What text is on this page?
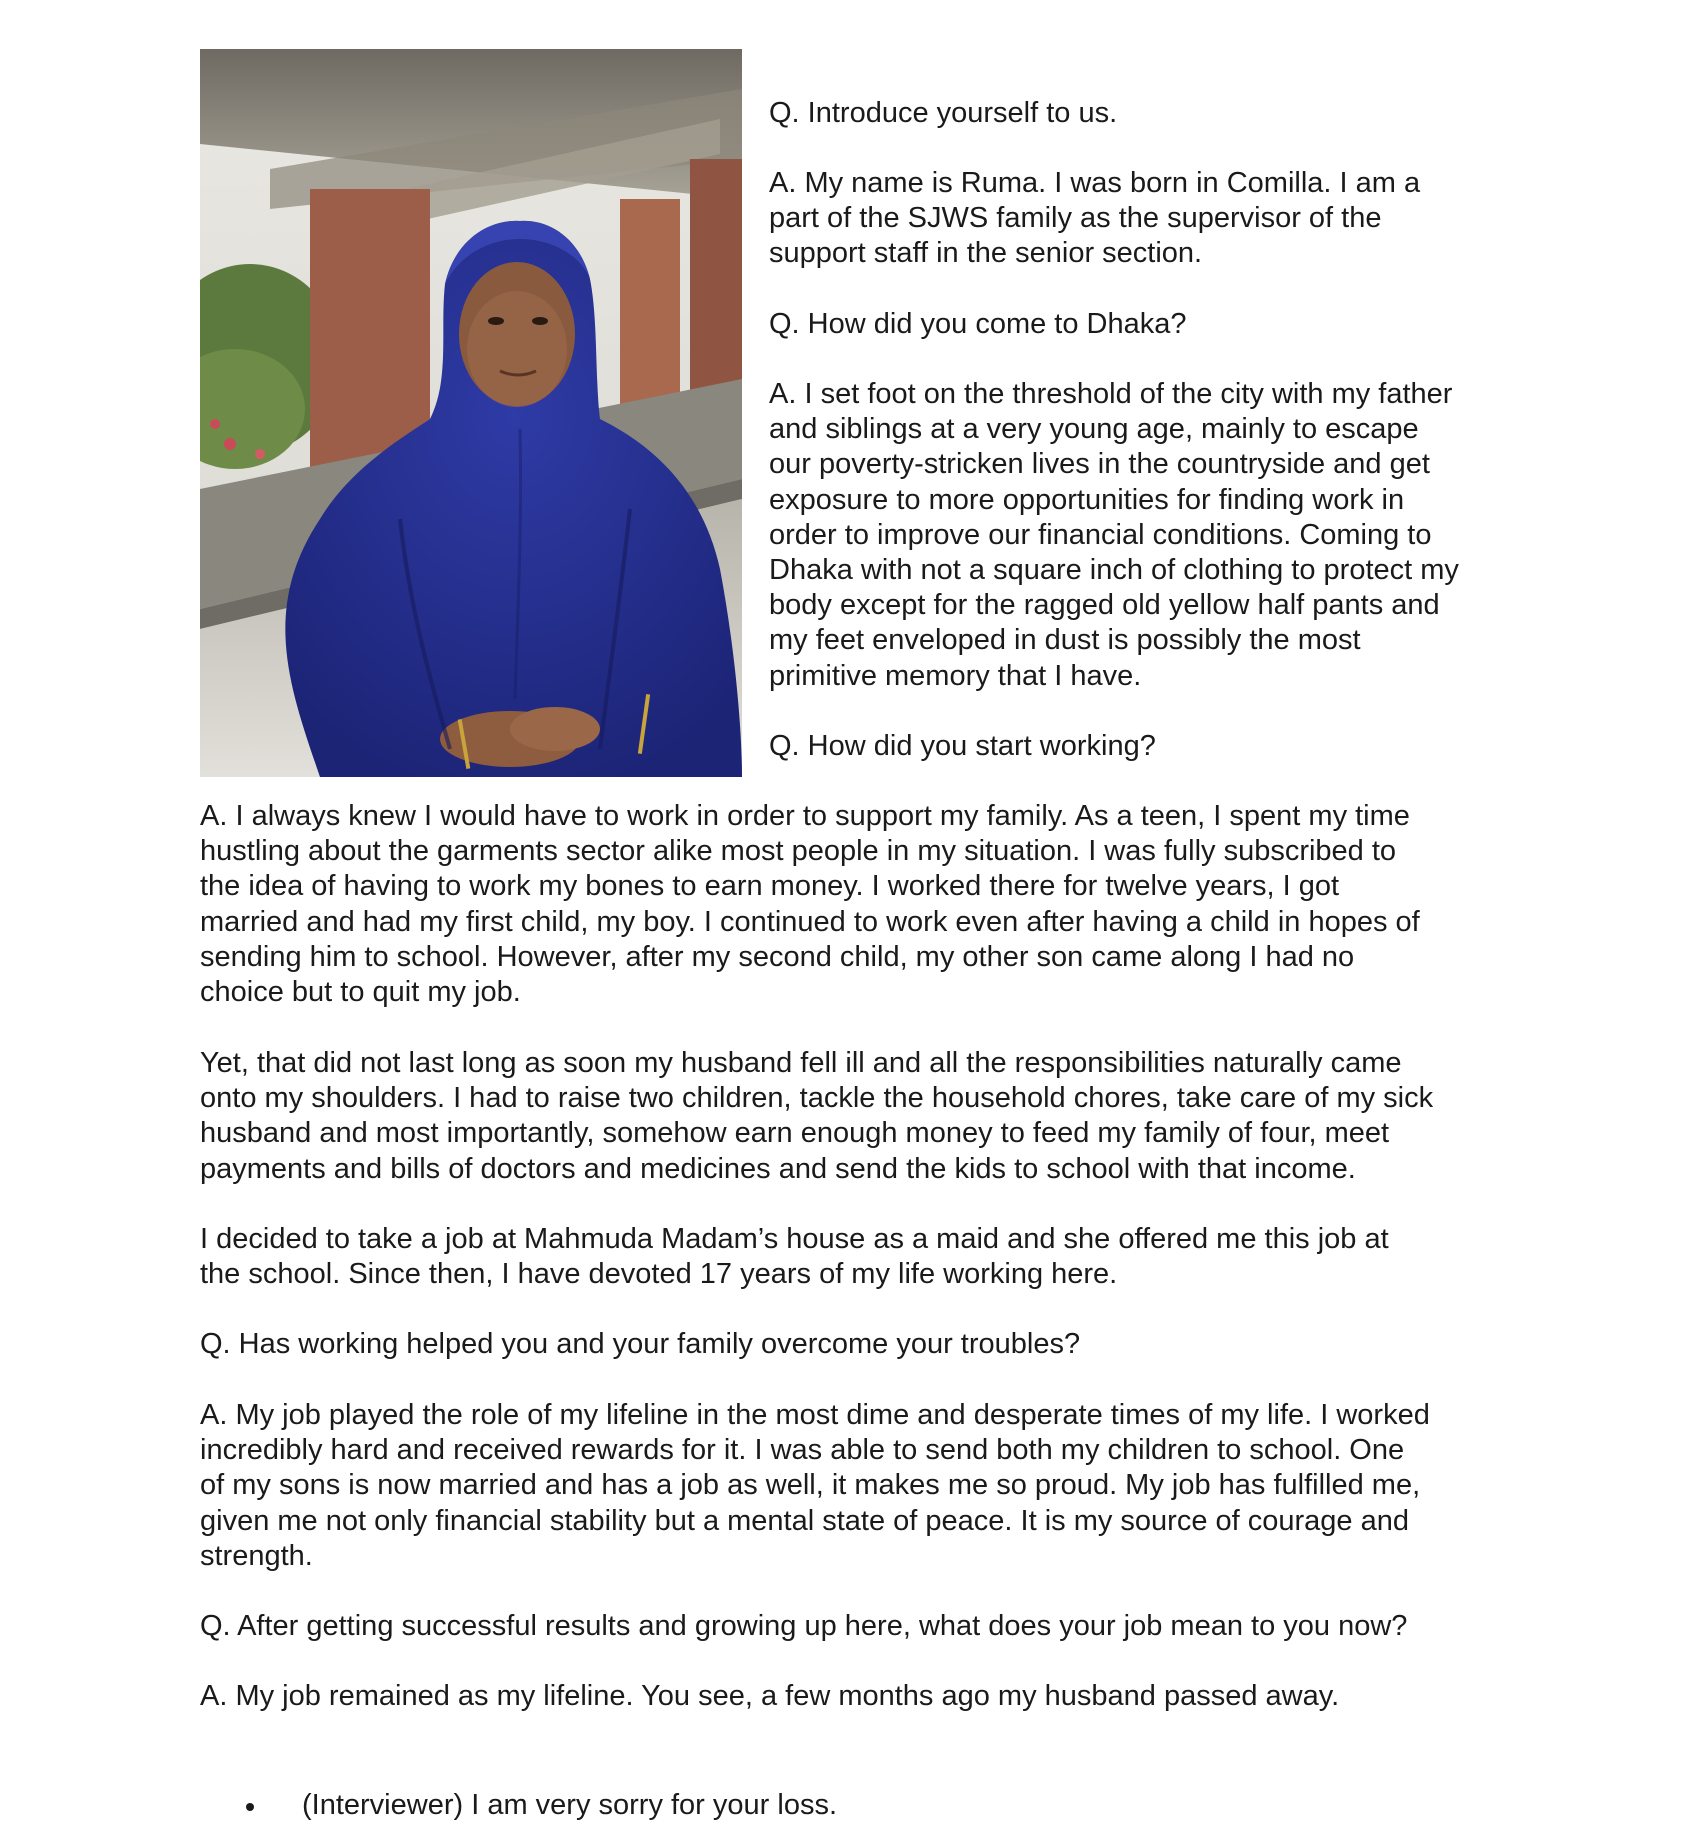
Q. Introduce yourself to us.

A. My name is Ruma. I was born in Comilla. I am a
part of the SJWS family as the supervisor of the
support staff in the senior section.

Q. How did you come to Dhaka?

A. I set foot on the threshold of the city with my father
and siblings at a very young age, mainly to escape
our poverty-stricken lives in the countryside and get
exposure to more opportunities for finding work in
order to improve our financial conditions. Coming to
Dhaka with not a square inch of clothing to protect my
body except for the ragged old yellow half pants and
my feet enveloped in dust is possibly the most
primitive memory that I have.

Q. How did you start working?

A. I always knew I would have to work in order to support my family. As a teen, I spent my time
hustling about the garments sector alike most people in my situation. I was fully subscribed to
the idea of having to work my bones to earn money. I worked there for twelve years, I got
married and had my first child, my boy. I continued to work even after having a child in hopes of
sending him to school. However, after my second child, my other son came along I had no
choice but to quit my job.

Yet, that did not last long as soon my husband fell ill and all the responsibilities naturally came
onto my shoulders. I had to raise two children, tackle the household chores, take care of my sick
husband and most importantly, somehow earn enough money to feed my family of four, meet
payments and bills of doctors and medicines and send the kids to school with that income.

I decided to take a job at Mahmuda Madam’s house as a maid and she offered me this job at
the school. Since then, I have devoted 17 years of my life working here.

Q. Has working helped you and your family overcome your troubles?

A. My job played the role of my lifeline in the most dime and desperate times of my life. I worked
incredibly hard and received rewards for it. I was able to send both my children to school. One
of my sons is now married and has a job as well, it makes me so proud. My job has fulfilled me,
given me not only financial stability but a mental state of peace. It is my source of courage and
strength.

Q. After getting successful results and growing up here, what does your job mean to you now?

A. My job remained as my lifeline. You see, a few months ago my husband passed away.

(Interviewer) I am very sorry for your loss.
